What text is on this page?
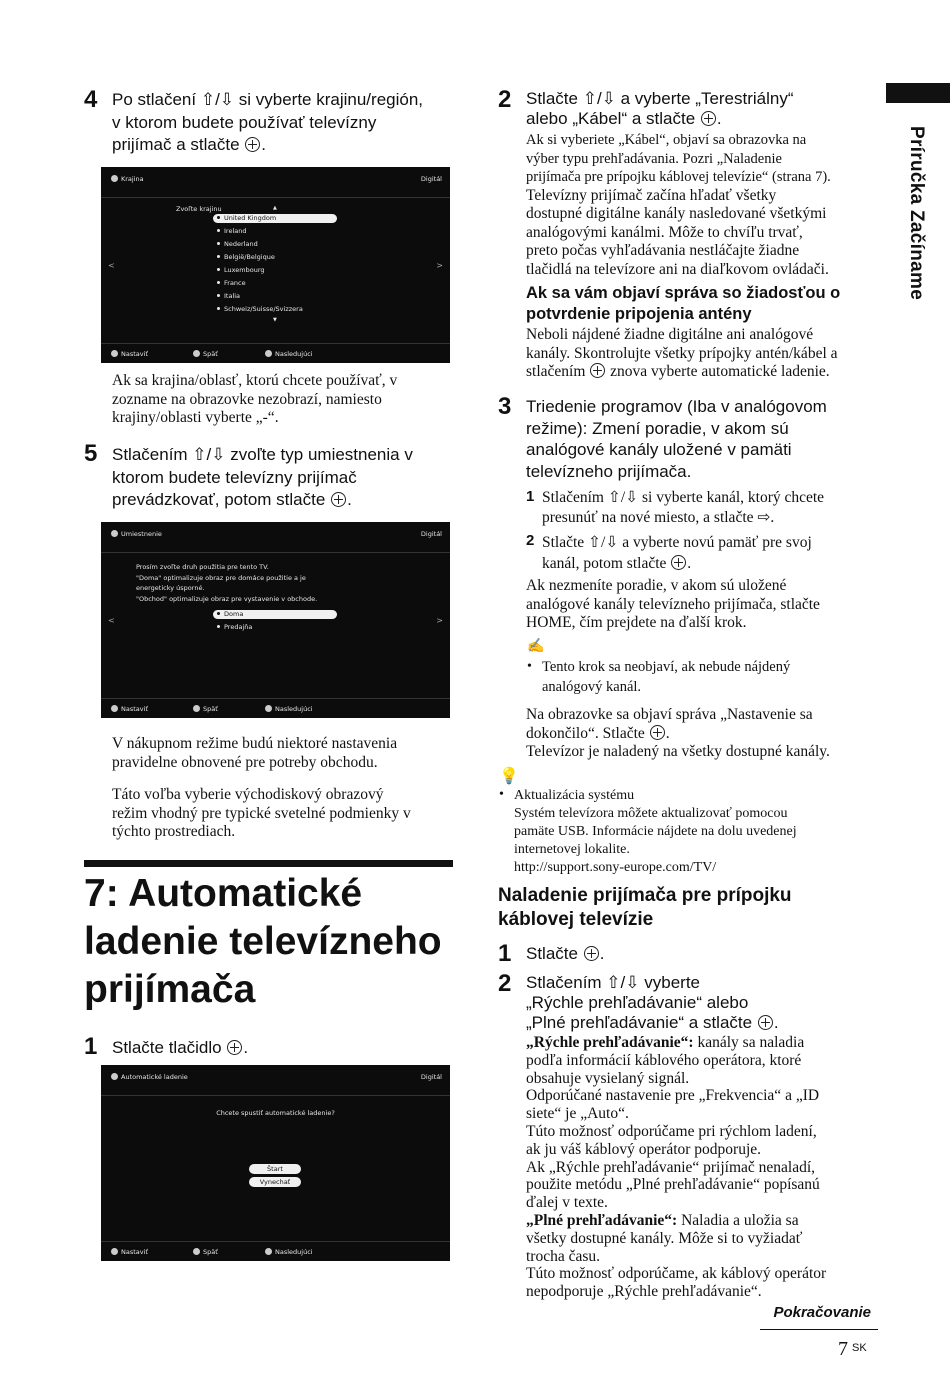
Príručka Začíname
4 Po stlačení ⇧/⇩ si vyberte krajinu/región,
v ktorom budete používať televízny
prijímač a stlačte .
Krajina	Digitál
Zvoľte krajinu	▲
United Kingdom
Ireland
Nederland
België/Belgique
Luxembourg
France
Italia
Schweiz/Suisse/Svizzera
▼
<	>
Nastaviť	Späť	Nasledujúci
Ak sa krajina/oblasť, ktorú chcete používať, v
zozname na obrazovke nezobrazí, namiesto
krajiny/oblasti vyberte „-“.
5 Stlačením ⇧/⇩ zvoľte typ umiestnenia v
ktorom budete televízny prijímač
prevádzkovať, potom stlačte .
Umiestnenie	Digitál
Prosím zvoľte druh použitia pre tento TV.
"Doma" optimalizuje obraz pre domáce použitie a je
energeticky úsporné.
"Obchod" optimalizuje obraz pre vystavenie v obchode.
Doma
Predajňa
<	>
Nastaviť	Späť	Nasledujúci
V nákupnom režime budú niektoré nastavenia
pravidelne obnovené pre potreby obchodu.
Táto voľba vyberie východiskový obrazový
režim vhodný pre typické svetelné podmienky v
týchto prostrediach.
7: Automatické
ladenie televízneho
prijímača
1 Stlačte tlačidlo .
Automatické ladenie	Digitál
Chcete spustiť automatické ladenie?
Štart
Vynechať
Nastaviť	Späť	Nasledujúci
2 Stlačte ⇧/⇩ a vyberte „Terestriálny“
alebo „Kábel“ a stlačte .
Ak si vyberiete „Kábel“, objaví sa obrazovka na
výber typu prehľadávania. Pozri „Naladenie
prijímača pre prípojku káblovej televízie“ (strana 7).
Televízny prijímač začína hľadať všetky
dostupné digitálne kanály nasledované všetkými
analógovými kanálmi. Môže to chvíľu trvať,
preto počas vyhľadávania nestláčajte žiadne
tlačidlá na televízore ani na diaľkovom ovládači.
Ak sa vám objaví správa so žiadosťou o
potvrdenie pripojenia antény
Neboli nájdené žiadne digitálne ani analógové
kanály. Skontrolujte všetky prípojky antén/kábel a
stlačením znova vyberte automatické ladenie.
3 Triedenie programov (Iba v analógovom
režime): Zmení poradie, v akom sú
analógové kanály uložené v pamäti
televízneho prijímača.
1 Stlačením ⇧/⇩ si vyberte kanál, ktorý chcete
presunúť na nové miesto, a stlačte ⇨.
2 Stlačte ⇧/⇩ a vyberte novú pamäť pre svoj
kanál, potom stlačte .
Ak nezmeníte poradie, v akom sú uložené
analógové kanály televízneho prijímača, stlačte
HOME, čím prejdete na ďalší krok.
✍
• Tento krok sa neobjaví, ak nebude nájdený
analógový kanál.
Na obrazovke sa objaví správa „Nastavenie sa
dokončilo“. Stlačte .
Televízor je naladený na všetky dostupné kanály.
💡
• Aktualizácia systému
Systém televízora môžete aktualizovať pomocou
pamäte USB. Informácie nájdete na dolu uvedenej
internetovej lokalite.
http://support.sony-europe.com/TV/
Naladenie prijímača pre prípojku
káblovej televízie
1 Stlačte .
2 Stlačením ⇧/⇩ vyberte
„Rýchle prehľadávanie“ alebo
„Plné prehľadávanie“ a stlačte .
„Rýchle prehľadávanie“: kanály sa naladia
podľa informácií káblového operátora, ktoré
obsahuje vysielaný signál.
Odporúčané nastavenie pre „Frekvencia“ a „ID
siete“ je „Auto“.
Túto možnosť odporúčame pri rýchlom ladení,
ak ju váš káblový operátor podporuje.
Ak „Rýchle prehľadávanie“ prijímač nenaladí,
použite metódu „Plné prehľadávanie“ popísanú
ďalej v texte.
„Plné prehľadávanie“: Naladia a uložia sa
všetky dostupné kanály. Môže si to vyžiadať
trocha času.
Túto možnosť odporúčame, ak káblový operátor
nepodporuje „Rýchle prehľadávanie“.
Pokračovanie
7 $^{SK}$
